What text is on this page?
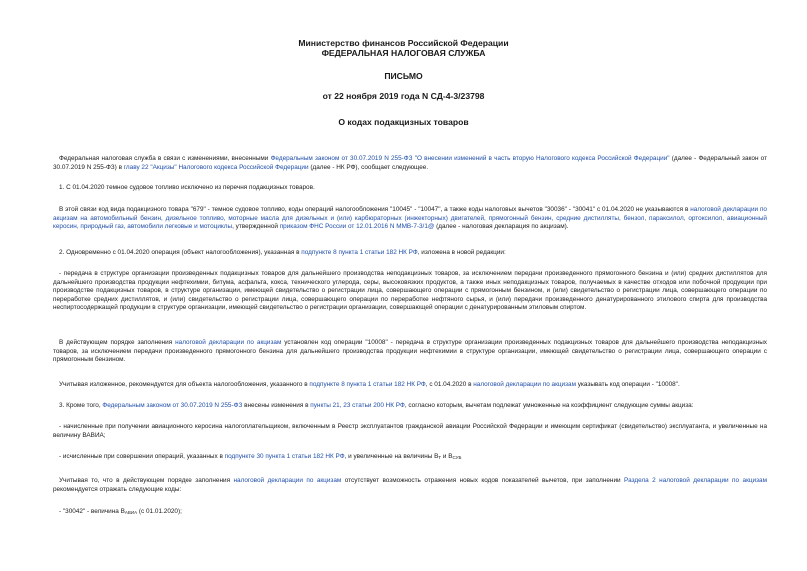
Министерство финансов Российской Федерации
ФЕДЕРАЛЬНАЯ НАЛОГОВАЯ СЛУЖБА
ПИСЬМО
от 22 ноября 2019 года N СД-4-3/23798
О кодах подакцизных товаров
Федеральная налоговая служба в связи с изменениями, внесенными Федеральным законом от 30.07.2019 N 255-ФЗ "О внесении изменений в часть вторую Налогового кодекса Российской Федерации" (далее - Федеральный закон от 30.07.2019 N 255-ФЗ) в главу 22 "Акцизы" Налогового кодекса Российской Федерации (далее - НК РФ), сообщает следующее.
1. С 01.04.2020 темное судовое топливо исключено из перечня подакцизных товаров.
В этой связи код вида подакцизного товара "679" - темное судовое топливо, коды операций налогообложения "10045" - "10047", а также коды налоговых вычетов "30036" - "30041" с 01.04.2020 не указываются в налоговой декларации по акцизам на автомобильный бензин, дизельное топливо, моторные масла для дизельных и (или) карбюраторных (инжекторных) двигателей, прямогонный бензин, средние дистилляты, бензол, параксилол, ортоксилол, авиационный керосин, природный газ, автомобили легковые и мотоциклы, утвержденной приказом ФНС России от 12.01.2016 N ММВ-7-3/1@ (далее - налоговая декларация по акцизам).
2. Одновременно с 01.04.2020 операция (объект налогообложения), указанная в подпункте 8 пункта 1 статьи 182 НК РФ, изложена в новой редакции:
- передача в структуре организации произведенных подакцизных товаров для дальнейшего производства неподакцизных товаров, за исключением передачи произведенного прямогонного бензина и (или) средних дистиллятов для дальнейшего производства продукции нефтехимии, битума, асфальта, кокса, технического углерода, серы, высоковязких продуктов, а также иных неподакцизных товаров, получаемых в качестве отходов или побочной продукции при производстве подакцизных товаров, в структуре организации, имеющей свидетельство о регистрации лица, совершающего операции с прямогонным бензином, и (или) свидетельство о регистрации лица, совершающего операции по переработке средних дистиллятов, и (или) свидетельство о регистрации лица, совершающего операции по переработке нефтяного сырья, и (или) передачи произведенного денатурированного этилового спирта для производства неспиртосодержащей продукции в структуре организации, имеющей свидетельство о регистрации организации, совершающей операции с денатурированным этиловым спиртом.
В действующем порядке заполнения налоговой декларации по акцизам установлен код операции "10008" - передача в структуре организации произведенных подакцизных товаров для дальнейшего производства неподакцизных товаров, за исключением передачи произведенного прямогонного бензина для дальнейшего производства продукции нефтехимии в структуре организации, имеющей свидетельство о регистрации лица, совершающего операции с прямогонным бензином.
Учитывая изложенное, рекомендуется для объекта налогообложения, указанного в подпункте 8 пункта 1 статьи 182 НК РФ, с 01.04.2020 в налоговой декларации по акцизам указывать код операции - "10008".
3. Кроме того, Федеральным законом от 30.07.2019 N 255-ФЗ внесены изменения в пункты 21, 23 статьи 200 НК РФ, согласно которым, вычетам подлежат умноженные на коэффициент следующие суммы акциза:
- начисленные при получении авиационного керосина налогоплательщиком, включенным в Реестр эксплуатантов гражданской авиации Российской Федерации и имеющим сертификат (свидетельство) эксплуатанта, и увеличенные на величину ВАВИА;
- исчисленные при совершении операций, указанных в подпункте 30 пункта 1 статьи 182 НК РФ, и увеличенные на величины $В_Т$ и $В_{СУБ}$
Учитывая то, что в действующем порядке заполнения налоговой декларации по акцизам отсутствует возможность отражения новых кодов показателей вычетов, при заполнении Раздела 2 налоговой декларации по акцизам рекомендуется отражать следующие коды:
- "30042" - величина $В_{АВИА}$ (с 01.01.2020);
